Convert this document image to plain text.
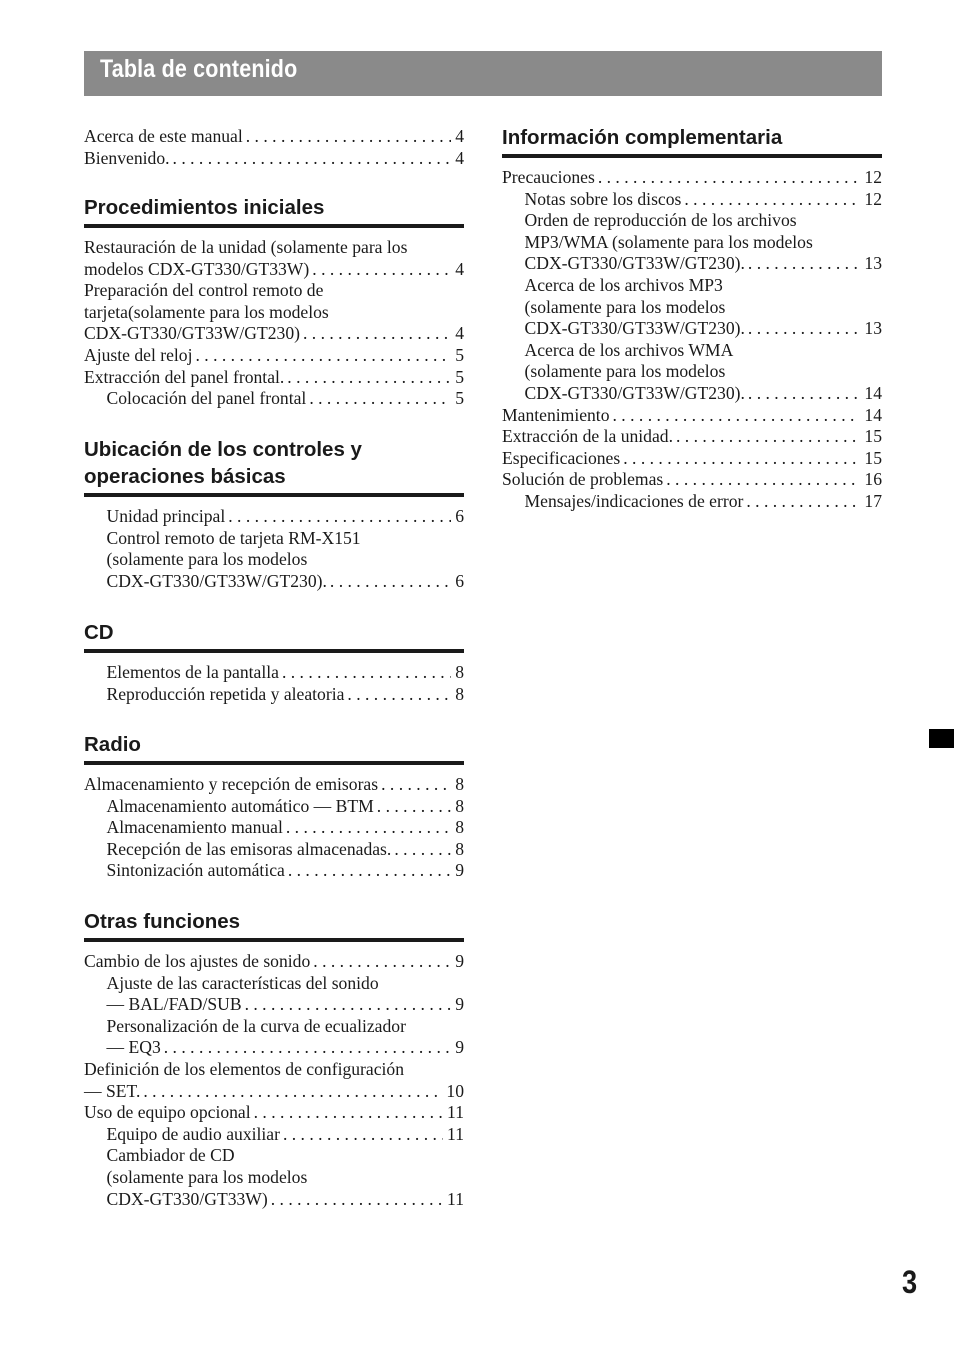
Tabla de contenido
Acerca de este manual . . .	4
Bienvenido. . . .	4
Procedimientos iniciales
Restauración de la unidad (solamente para los
modelos CDX-GT330/GT33W) . . .	4
Preparación del control remoto de
tarjeta(solamente para los modelos
CDX-GT330/GT33W/GT230) . . .	4
Ajuste del reloj . . .	5
Extracción del panel frontal. . . .	5
Colocación del panel frontal . . .	5
Ubicación de los controles y operaciones básicas
Unidad principal . . .	6
Control remoto de tarjeta RM-X151
(solamente para los modelos
CDX-GT330/GT33W/GT230). . . .	6
CD
Elementos de la pantalla . . .	8
Reproducción repetida y aleatoria . . .	8
Radio
Almacenamiento y recepción de emisoras . . .	8
Almacenamiento automático — BTM . . .	8
Almacenamiento manual . . .	8
Recepción de las emisoras almacenadas. . . .	8
Sintonización automática . . .	9
Otras funciones
Cambio de los ajustes de sonido . . .	9
Ajuste de las características del sonido
— BAL/FAD/SUB . . .	9
Personalización de la curva de ecualizador
— EQ3 . . .	9
Definición de los elementos de configuración
— SET. . . .	10
Uso de equipo opcional . . .	11
Equipo de audio auxiliar . . .	11
Cambiador de CD
(solamente para los modelos
CDX-GT330/GT33W) . . .	11
Información complementaria
Precauciones . . .	12
Notas sobre los discos . . .	12
Orden de reproducción de los archivos
MP3/WMA (solamente para los modelos
CDX-GT330/GT33W/GT230). . . .	13
Acerca de los archivos MP3
(solamente para los modelos
CDX-GT330/GT33W/GT230). . . .	13
Acerca de los archivos WMA
(solamente para los modelos
CDX-GT330/GT33W/GT230). . . .	14
Mantenimiento . . .	14
Extracción de la unidad. . . .	15
Especificaciones . . .	15
Solución de problemas . . .	16
Mensajes/indicaciones de error . . .	17
3
